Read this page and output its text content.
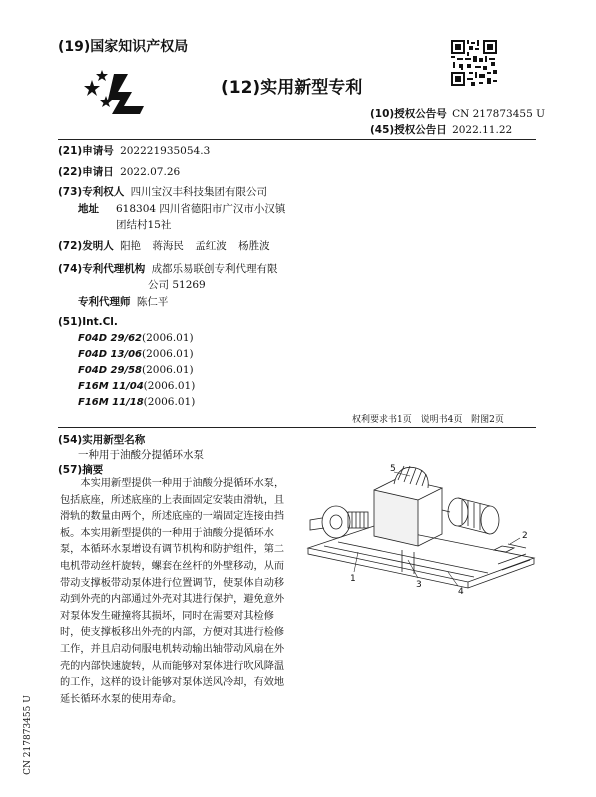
(19)国家知识产权局
(12)实用新型专利
(10)授权公告号 CN 217873455 U
(45)授权公告日 2022.11.22
(21)申请号 202221935054.3
(22)申请日 2022.07.26
(73)专利权人 四川宝汉丰科技集团有限公司
地址 618304 四川省德阳市广汉市小汉镇
团结村15社
(72)发明人 阳艳 蒋海民 孟红波 杨胜波
(74)专利代理机构 成都乐易联创专利代理有限
公司 51269
专利代理师 陈仁平
(51)Int.Cl.
F04D 29/62(2006.01)
F04D 13/06(2006.01)
F04D 29/58(2006.01)
F16M 11/04(2006.01)
F16M 11/18(2006.01)
权利要求书1页 说明书4页 附图2页
(54)实用新型名称
一种用于油酸分提循环水泵
(57)摘要

本实用新型提供一种用于油酸分提循环水泵，包括底座，所述底座的上表面固定安装由滑轨，且滑轨的数量由两个，所述底座的一端固定连接由挡板。本实用新型提供的一种用于油酸分提循环水泵，本循环水泵增设有调节机构和防护组件，第二电机带动丝杆旋转，螺套在丝杆的外壁移动，从而带动支撑板带动泵体进行位置调节，使泵体自动移动到外壳的内部通过外壳对其进行保护，避免意外对泵体发生碰撞将其损坏，同时在需要对其检修时，使支撑板移出外壳的内部，方便对其进行检修工作，并且启动伺服电机转动输出轴带动风扇在外壳的内部快速旋转，从而能够对泵体进行吹风降温的工作，这样的设计能够对泵体送风冷却，有效地延长循环水泵的使用寿命。

5
1
3
4
2
CN 217873455 U
